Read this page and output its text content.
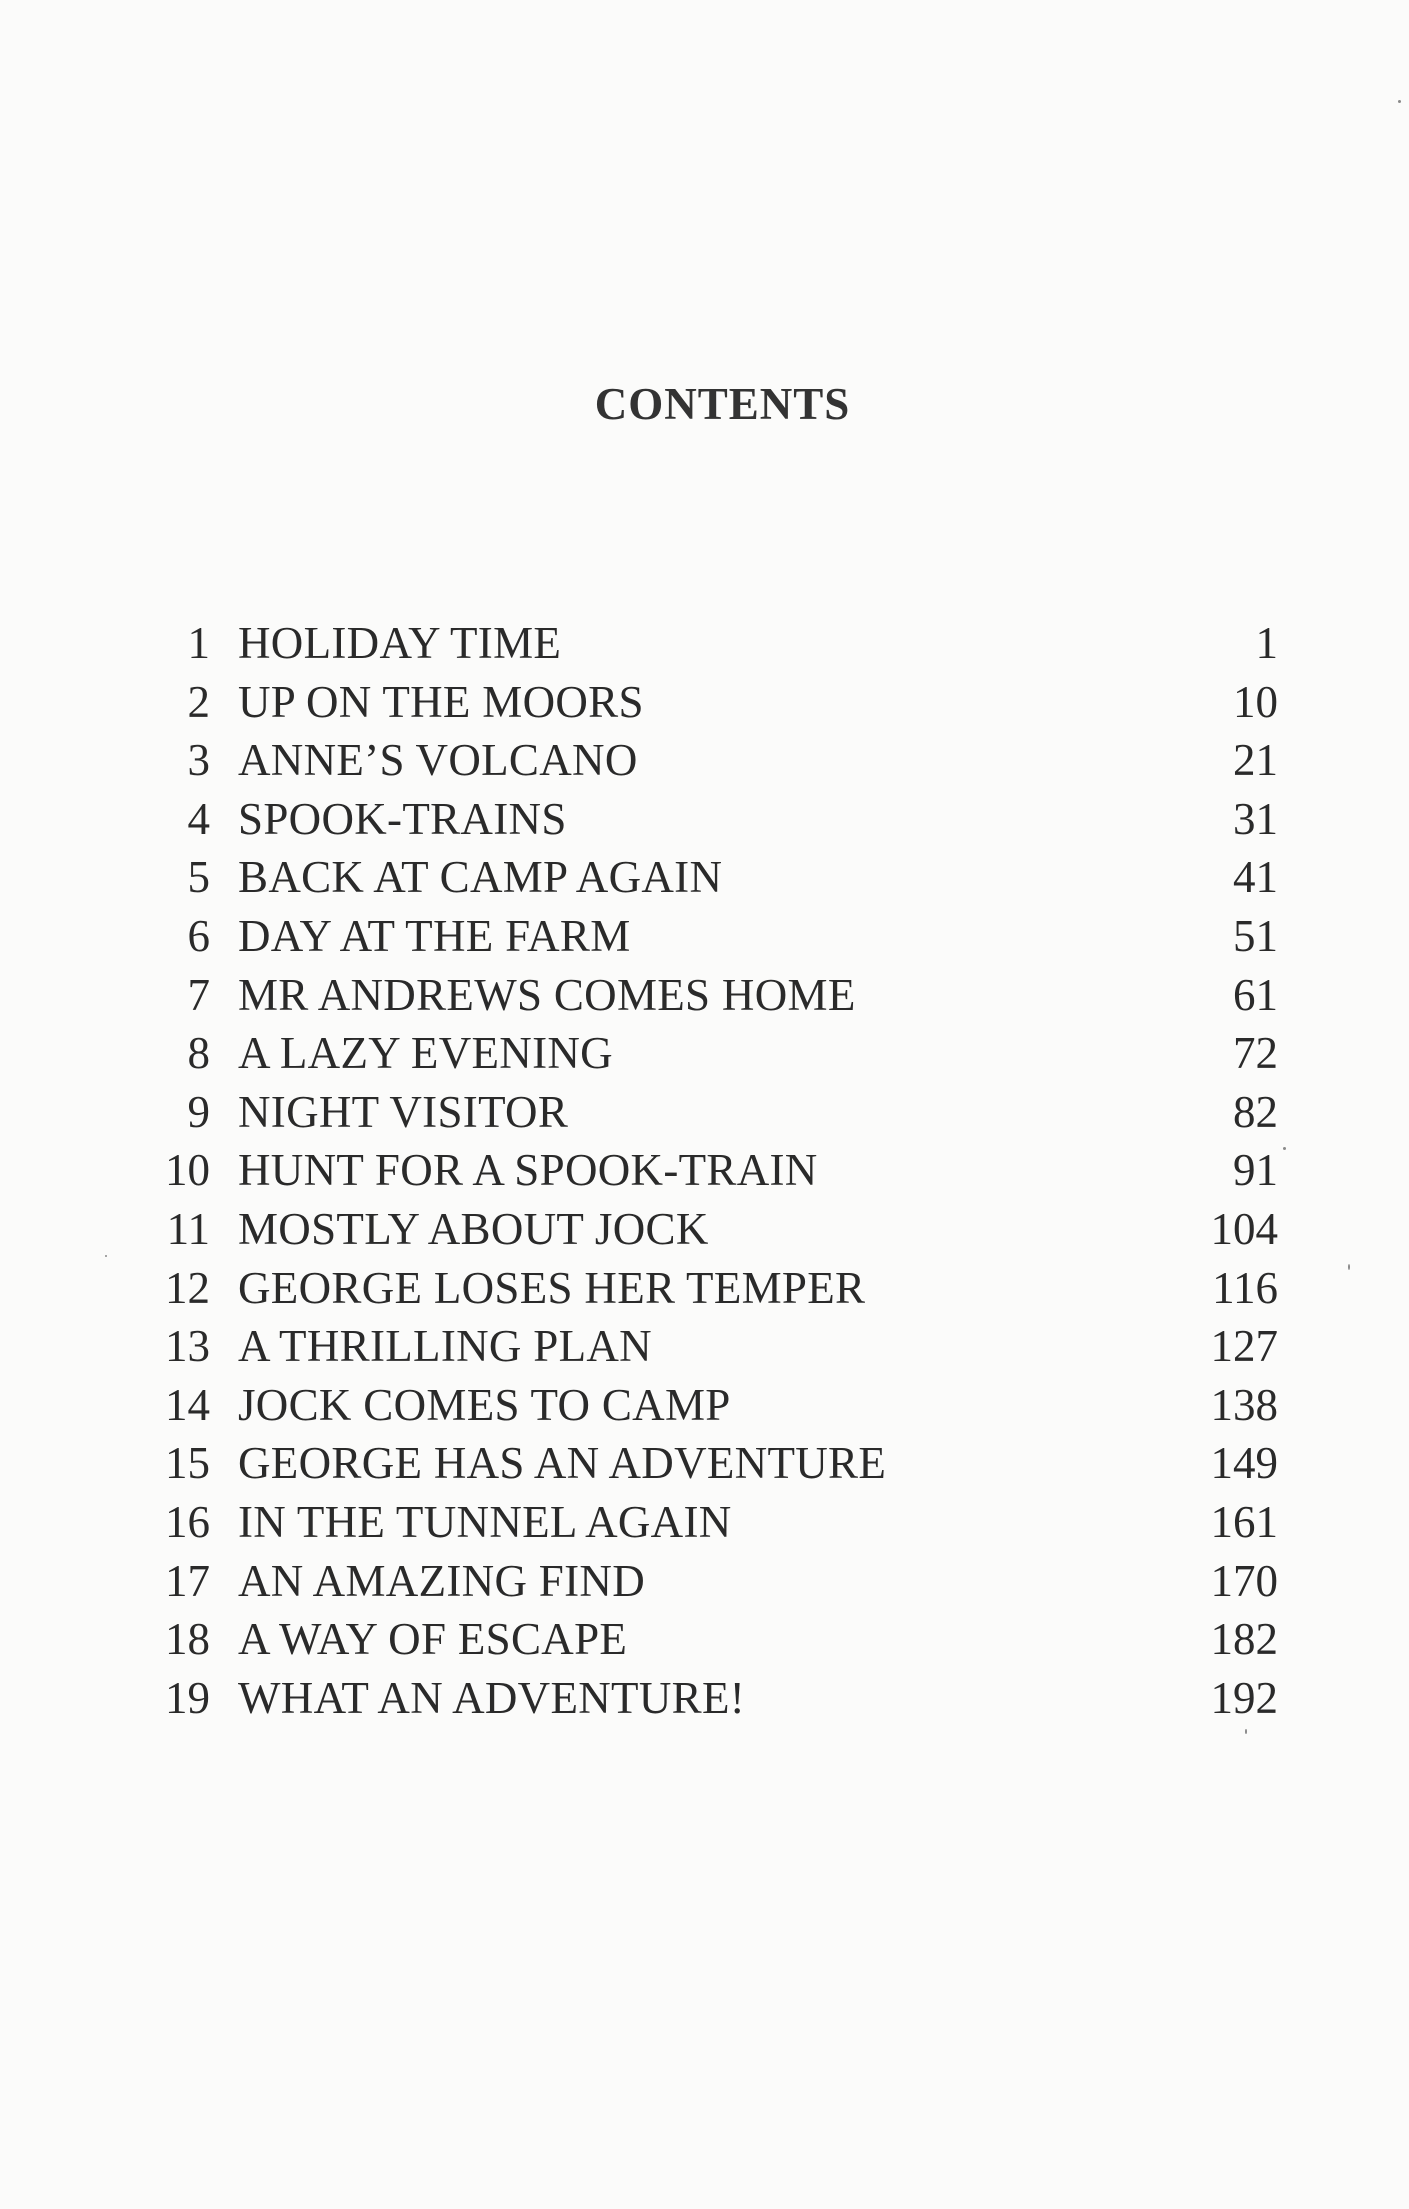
CONTENTS
1 HOLIDAY TIME	1
2 UP ON THE MOORS	10
3 ANNE’S VOLCANO	21
4 SPOOK-TRAINS	31
5 BACK AT CAMP AGAIN	41
6 DAY AT THE FARM	51
7 MR ANDREWS COMES HOME	61
8 A LAZY EVENING	72
9 NIGHT VISITOR	82
10 HUNT FOR A SPOOK-TRAIN	91
11 MOSTLY ABOUT JOCK	104
12 GEORGE LOSES HER TEMPER	116
13 A THRILLING PLAN	127
14 JOCK COMES TO CAMP	138
15 GEORGE HAS AN ADVENTURE	149
16 IN THE TUNNEL AGAIN	161
17 AN AMAZING FIND	170
18 A WAY OF ESCAPE	182
19 WHAT AN ADVENTURE!	192
